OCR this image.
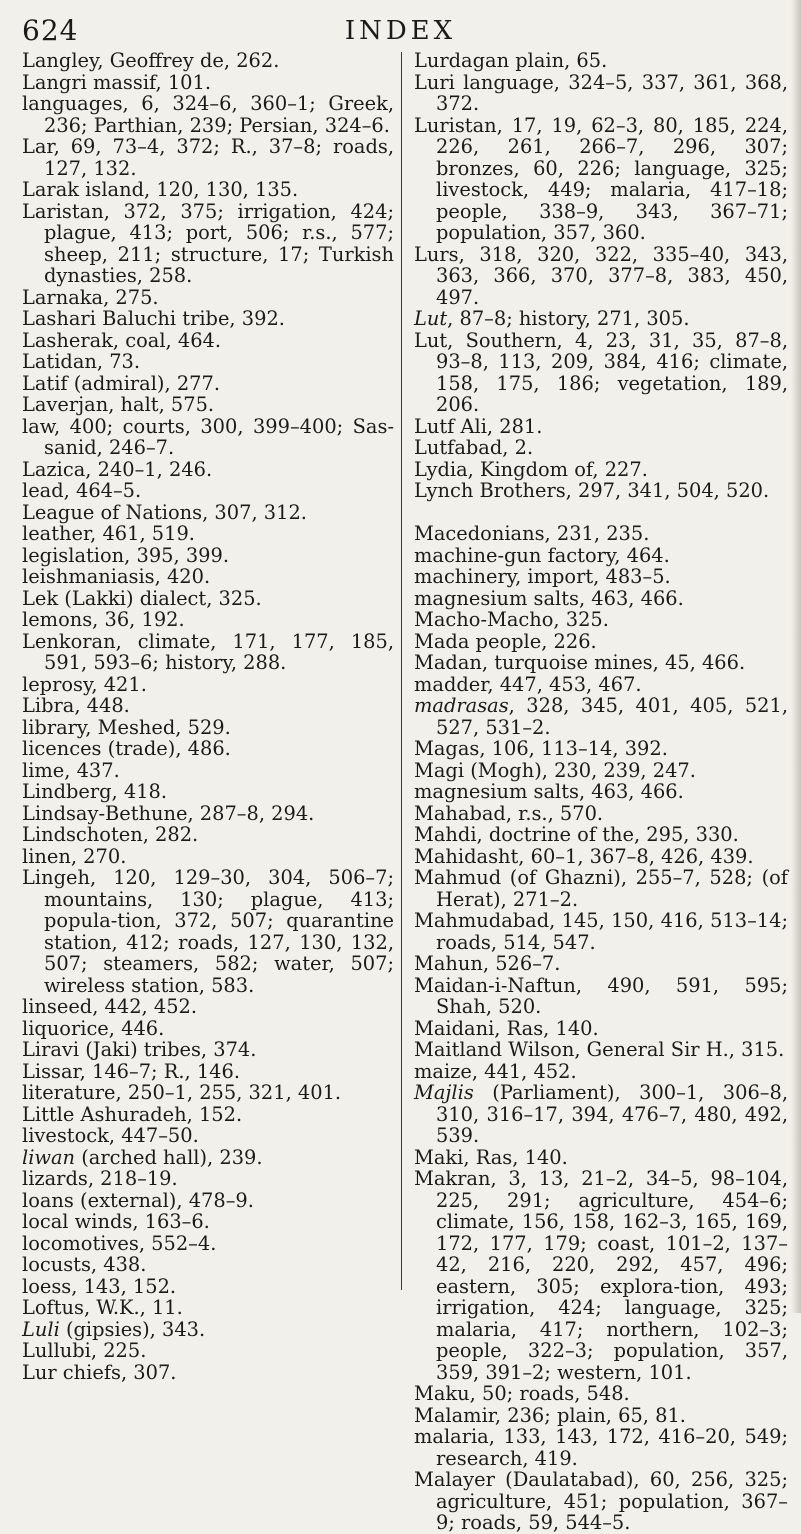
624	INDEX
Langley, Geoffrey de, 262.
Langri massif, 101.
languages, 6, 324–6, 360–1; Greek, 236; Parthian, 239; Persian, 324–6.
Lar, 69, 73–4, 372; R., 37–8; roads, 127, 132.
Larak island, 120, 130, 135.
Laristan, 372, 375; irrigation, 424; plague, 413; port, 506; r.s., 577; sheep, 211; structure, 17; Turkish dynasties, 258.
Larnaka, 275.
Lashari Baluchi tribe, 392.
Lasherak, coal, 464.
Latidan, 73.
Latif (admiral), 277.
Laverjan, halt, 575.
law, 400; courts, 300, 399–400; Sas-sanid, 246–7.
Lazica, 240–1, 246.
lead, 464–5.
League of Nations, 307, 312.
leather, 461, 519.
legislation, 395, 399.
leishmaniasis, 420.
Lek (Lakki) dialect, 325.
lemons, 36, 192.
Lenkoran, climate, 171, 177, 185, 591, 593–6; history, 288.
leprosy, 421.
Libra, 448.
library, Meshed, 529.
licences (trade), 486.
lime, 437.
Lindberg, 418.
Lindsay-Bethune, 287–8, 294.
Lindschoten, 282.
linen, 270.
Lingeh, 120, 129–30, 304, 506–7; mountains, 130; plague, 413; popula-tion, 372, 507; quarantine station, 412; roads, 127, 130, 132, 507; steamers, 582; water, 507; wireless station, 583.
linseed, 442, 452.
liquorice, 446.
Liravi (Jaki) tribes, 374.
Lissar, 146–7; R., 146.
literature, 250–1, 255, 321, 401.
Little Ashuradeh, 152.
livestock, 447–50.
liwan (arched hall), 239.
lizards, 218–19.
loans (external), 478–9.
local winds, 163–6.
locomotives, 552–4.
locusts, 438.
loess, 143, 152.
Loftus, W.K., 11.
Luli (gipsies), 343.
Lullubi, 225.
Lur chiefs, 307.
Lurdagan plain, 65.
Luri language, 324–5, 337, 361, 368, 372.
Luristan, 17, 19, 62–3, 80, 185, 224, 226, 261, 266–7, 296, 307; bronzes, 60, 226; language, 325; livestock, 449; malaria, 417–18; people, 338–9, 343, 367–71; population, 357, 360.
Lurs, 318, 320, 322, 335–40, 343, 363, 366, 370, 377–8, 383, 450, 497.
Lut, 87–8; history, 271, 305.
Lut, Southern, 4, 23, 31, 35, 87–8, 93–8, 113, 209, 384, 416; climate, 158, 175, 186; vegetation, 189, 206.
Lutf Ali, 281.
Lutfabad, 2.
Lydia, Kingdom of, 227.
Lynch Brothers, 297, 341, 504, 520.
Macedonians, 231, 235.
machine-gun factory, 464.
machinery, import, 483–5.
magnesium salts, 463, 466.
Macho-Macho, 325.
Mada people, 226.
Madan, turquoise mines, 45, 466.
madder, 447, 453, 467.
madrasas, 328, 345, 401, 405, 521, 527, 531–2.
Magas, 106, 113–14, 392.
Magi (Mogh), 230, 239, 247.
magnesium salts, 463, 466.
Mahabad, r.s., 570.
Mahdi, doctrine of the, 295, 330.
Mahidasht, 60–1, 367–8, 426, 439.
Mahmud (of Ghazni), 255–7, 528; (of Herat), 271–2.
Mahmudabad, 145, 150, 416, 513–14; roads, 514, 547.
Mahun, 526–7.
Maidan-i-Naftun, 490, 591, 595; Shah, 520.
Maidani, Ras, 140.
Maitland Wilson, General Sir H., 315.
maize, 441, 452.
Majlis (Parliament), 300–1, 306–8, 310, 316–17, 394, 476–7, 480, 492, 539.
Maki, Ras, 140.
Makran, 3, 13, 21–2, 34–5, 98–104, 225, 291; agriculture, 454–6; climate, 156, 158, 162–3, 165, 169, 172, 177, 179; coast, 101–2, 137–42, 216, 220, 292, 457, 496; eastern, 305; explora-tion, 493; irrigation, 424; language, 325; malaria, 417; northern, 102–3; people, 322–3; population, 357, 359, 391–2; western, 101.
Maku, 50; roads, 548.
Malamir, 236; plain, 65, 81.
malaria, 133, 143, 172, 416–20, 549; research, 419.
Malayer (Daulatabad), 60, 256, 325; agriculture, 451; population, 367–9; roads, 59, 544–5.
